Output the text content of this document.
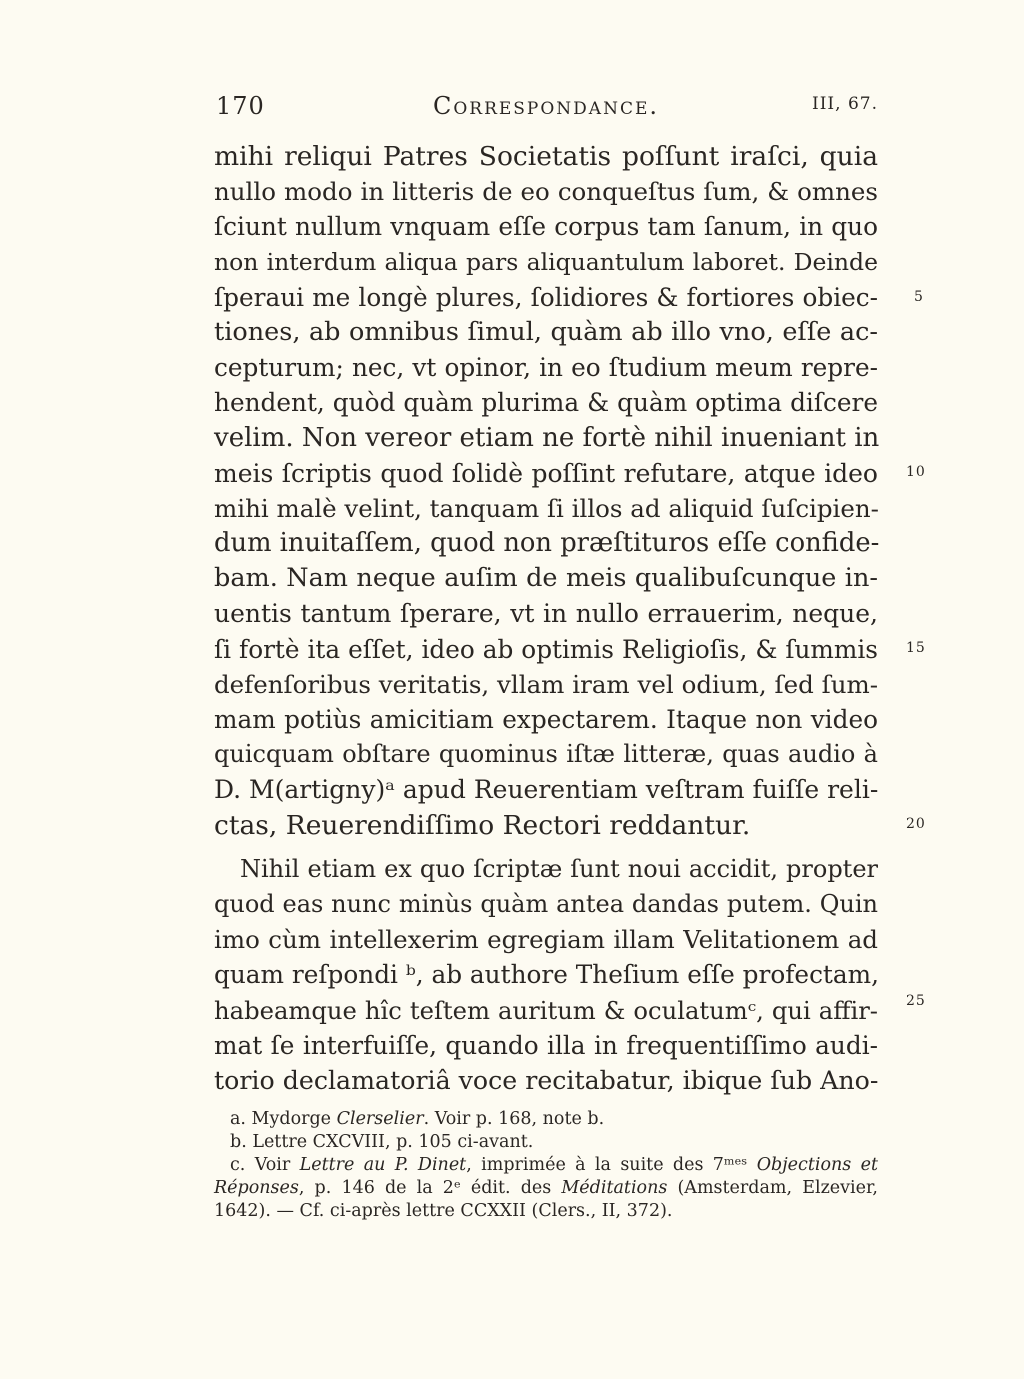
170	Correspondance.	III, 67.
mihi reliqui Patres Societatis poſſunt iraſci, quia
nullo modo in litteris de eo conqueſtus ſum, & omnes
ſciunt nullum vnquam eſſe corpus tam ſanum, in quo
non interdum aliqua pars aliquantulum laboret. Deinde
ſperaui me longè plures, ſolidiores & fortiores obiec-
tiones, ab omnibus ſimul, quàm ab illo vno, eſſe ac-
cepturum; nec, vt opinor, in eo ſtudium meum repre-
hendent, quòd quàm plurima & quàm optima diſcere
velim. Non vereor etiam ne fortè nihil inueniant in
meis ſcriptis quod ſolidè poſſint refutare, atque ideo
mihi malè velint, tanquam ſi illos ad aliquid ſuſcipien-
dum inuitaſſem, quod non præſtituros eſſe confide-
bam. Nam neque auſim de meis qualibuſcunque in-
uentis tantum ſperare, vt in nullo errauerim, neque,
ſi fortè ita eſſet, ideo ab optimis Religioſis, & ſummis
defenſoribus veritatis, vllam iram vel odium, ſed ſum-
mam potiùs amicitiam expectarem. Itaque non video
quicquam obſtare quominus iſtæ litteræ, quas audio à
D. M(artigny)ᵃ apud Reuerentiam veſtram fuiſſe reli-
ctas, Reuerendiſſimo Rectori reddantur.
Nihil etiam ex quo ſcriptæ ſunt noui accidit, propter
quod eas nunc minùs quàm antea dandas putem. Quin
imo cùm intellexerim egregiam illam Velitationem ad
quam reſpondi ᵇ, ab authore Theſium eſſe profectam,
habeamque hîc teſtem auritum & oculatumᶜ, qui affir-
mat ſe interfuiſſe, quando illa in frequentiſſimo audi-
torio declamatoriâ voce recitabatur, ibique ſub Ano-
5
10
15
20
25
a. Mydorge Clerselier. Voir p. 168, note b.
b. Lettre CXCVIII, p. 105 ci-avant.
c. Voir Lettre au P. Dinet, imprimée à la suite des 7ᵐᵉˢ Objections et
Réponses, p. 146 de la 2ᵉ édit. des Méditations (Amsterdam, Elzevier,
1642). — Cf. ci-après lettre CCXXII (Clers., II, 372).
